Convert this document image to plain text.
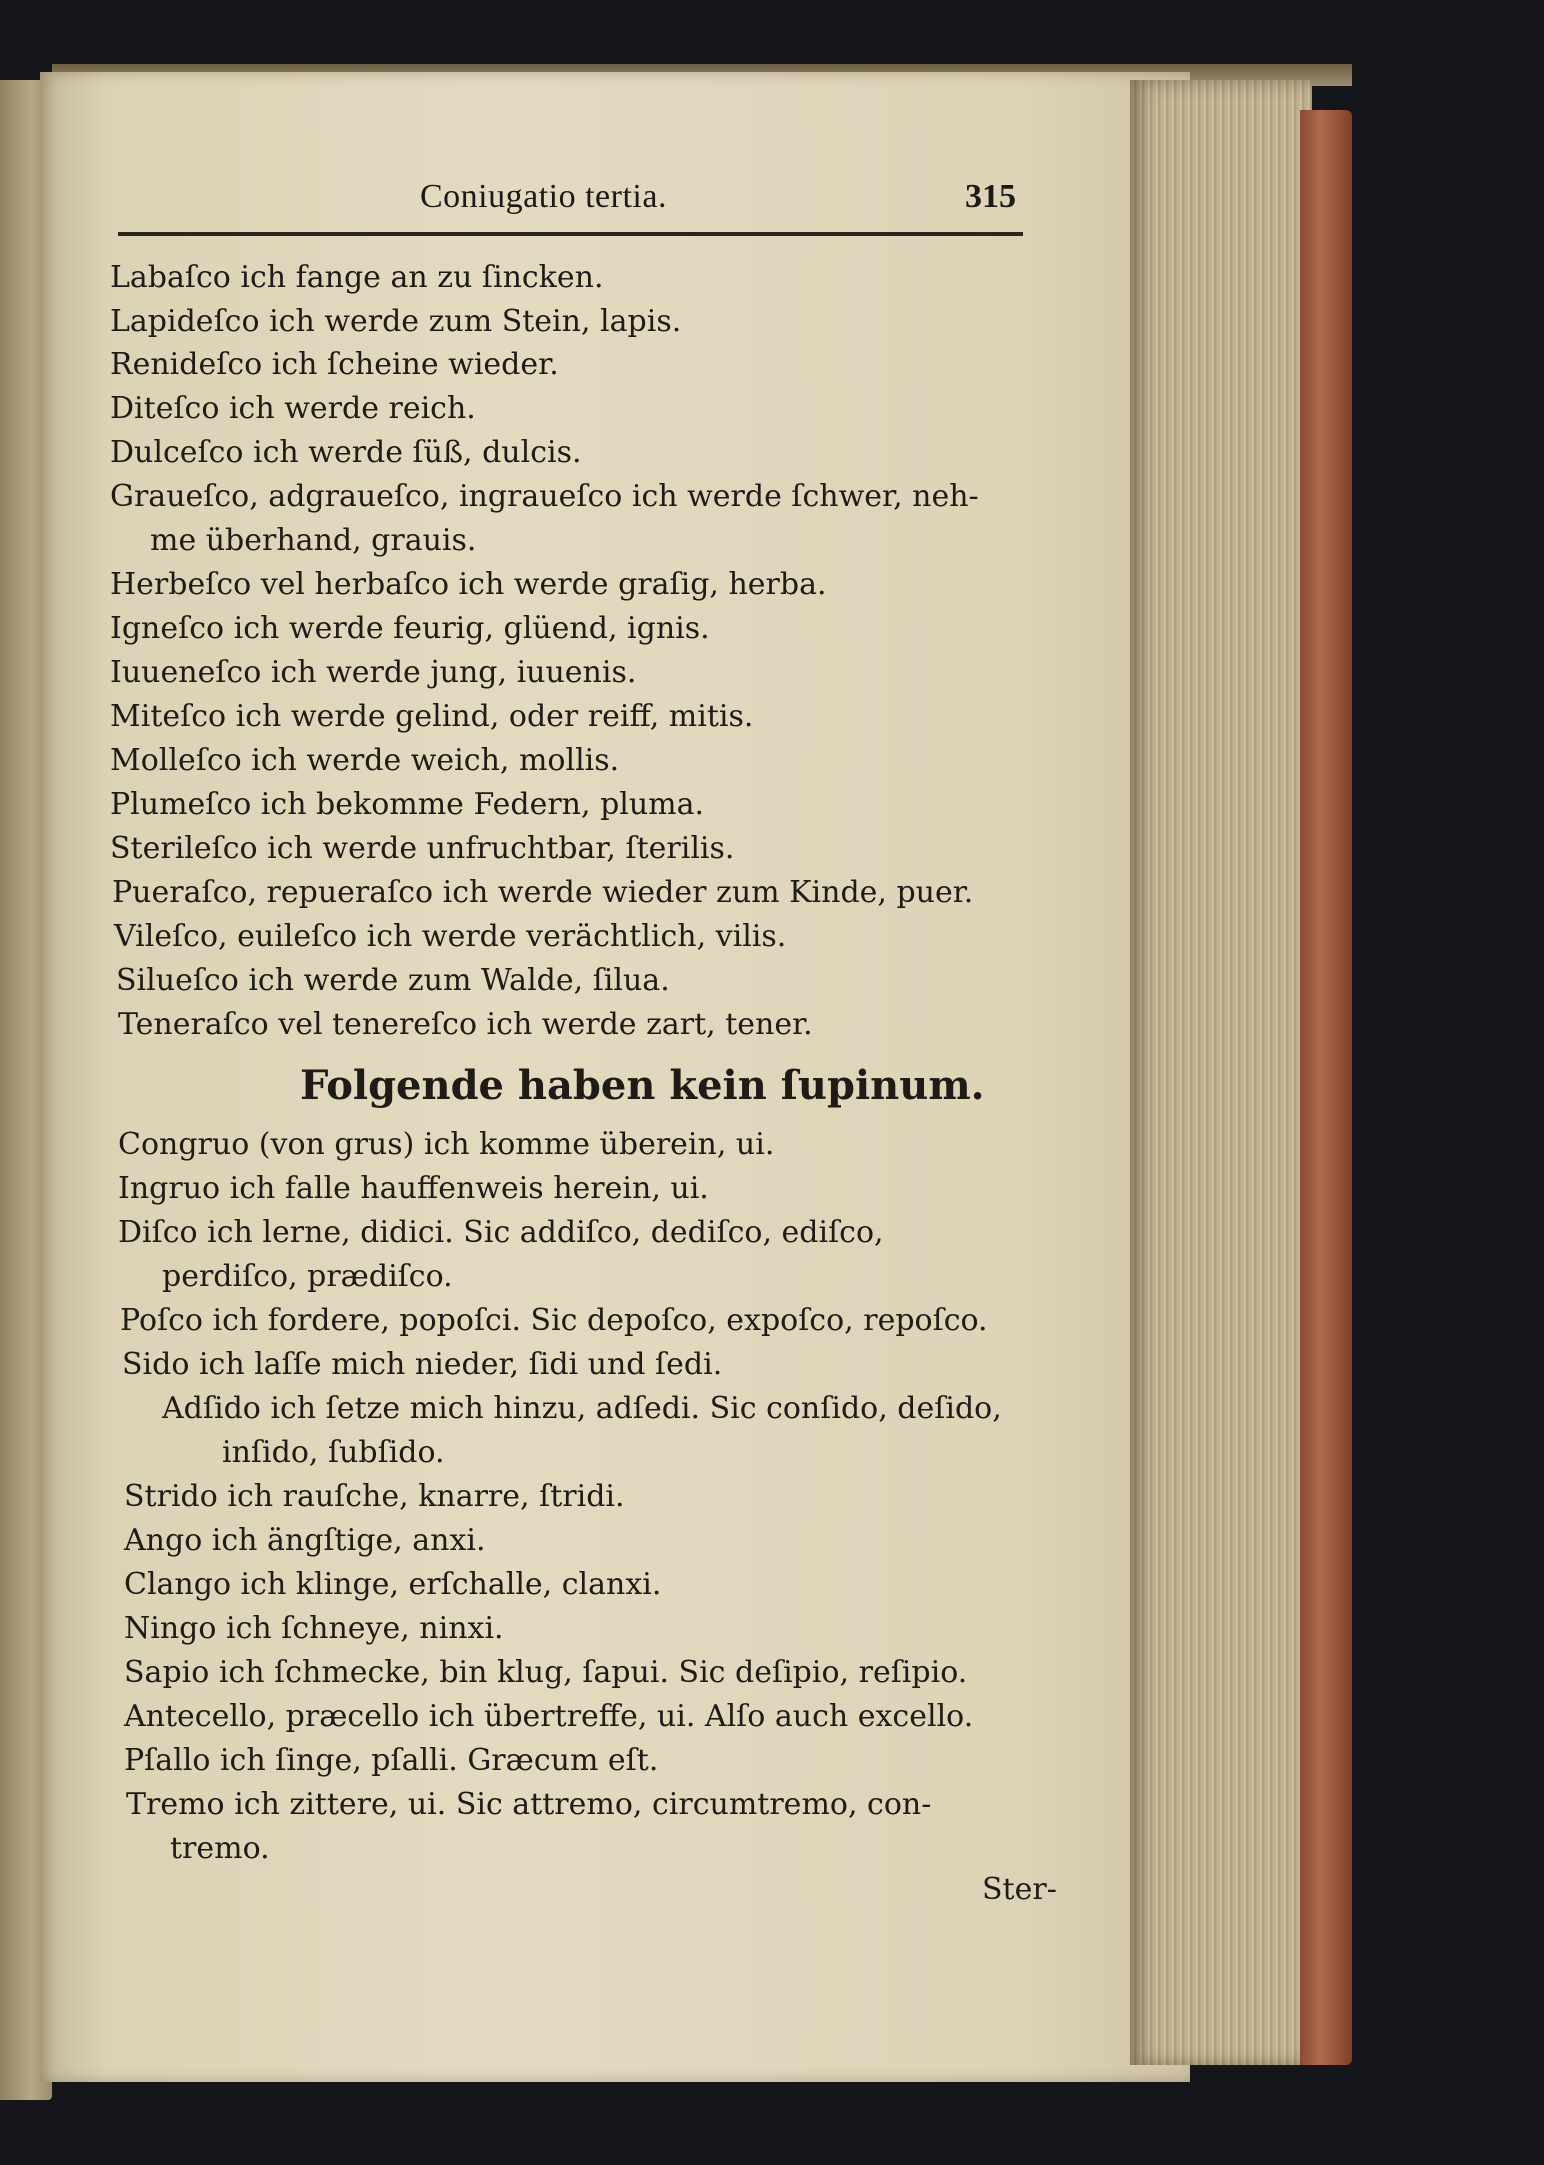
Coniugatio tertia.	315
Labaſco ich fange an zu ſincken.
Lapideſco ich werde zum Stein, lapis.
Renideſco ich ſcheine wieder.
Diteſco ich werde reich.
Dulceſco ich werde ſüß, dulcis.
Graueſco, adgraueſco, ingraueſco ich werde ſchwer, neh-
me überhand, grauis.
Herbeſco vel herbaſco ich werde graſig, herba.
Igneſco ich werde feurig, glüend, ignis.
Iuueneſco ich werde jung, iuuenis.
Miteſco ich werde gelind, oder reiff, mitis.
Molleſco ich werde weich, mollis.
Plumeſco ich bekomme Federn, pluma.
Sterileſco ich werde unfruchtbar, ſterilis.
Pueraſco, repueraſco ich werde wieder zum Kinde, puer.
Vileſco, euileſco ich werde verächtlich, vilis.
Silueſco ich werde zum Walde, ſilua.
Teneraſco vel tenereſco ich werde zart, tener.
Folgende haben kein ſupinum.
Congruo (von grus) ich komme überein, ui.
Ingruo ich falle hauffenweis herein, ui.
Diſco ich lerne, didici. Sic addiſco, dediſco, ediſco,
perdiſco, prædiſco.
Poſco ich fordere, popoſci. Sic depoſco, expoſco, repoſco.
Sido ich laſſe mich nieder, ſidi und ſedi.
Adſido ich ſetze mich hinzu, adſedi. Sic conſido, deſido,
inſido, ſubſido.
Strido ich rauſche, knarre, ſtridi.
Ango ich ängſtige, anxi.
Clango ich klinge, erſchalle, clanxi.
Ningo ich ſchneye, ninxi.
Sapio ich ſchmecke, bin klug, ſapui. Sic deſipio, reſipio.
Antecello, præcello ich übertreffe, ui. Alſo auch excello.
Pſallo ich ſinge, pſalli. Græcum eſt.
Tremo ich zittere, ui. Sic attremo, circumtremo, con-
tremo.
Ster-
